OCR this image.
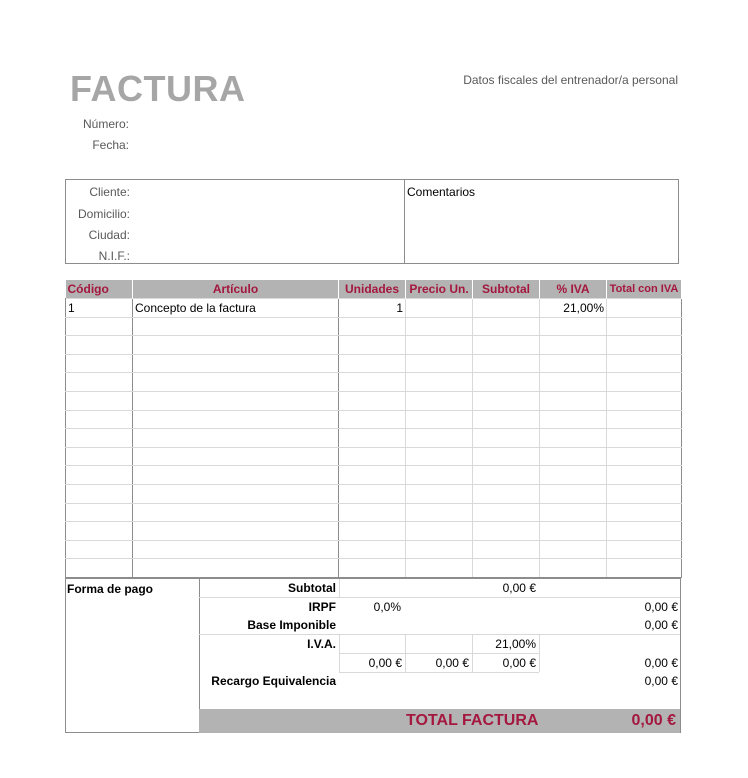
FACTURA	Datos fiscales del entrenador/a personal
Número:
Fecha:
Cliente:
Domicilio:
Ciudad:
N.I.F.:
Comentarios
Código	Artículo	Unidades	Precio Un.	Subtotal	% IVA	Total con IVA
1	Concepto de la factura	1			21,00%	

Forma de pago	Subtotal	0,00 €
IRPF	0,0%	0,00 €
Base Imponible	0,00 €
I.V.A.	21,00%
0,00 €	0,00 €	0,00 €	0,00 €
Recargo Equivalencia	0,00 €
TOTAL FACTURA	0,00 €
